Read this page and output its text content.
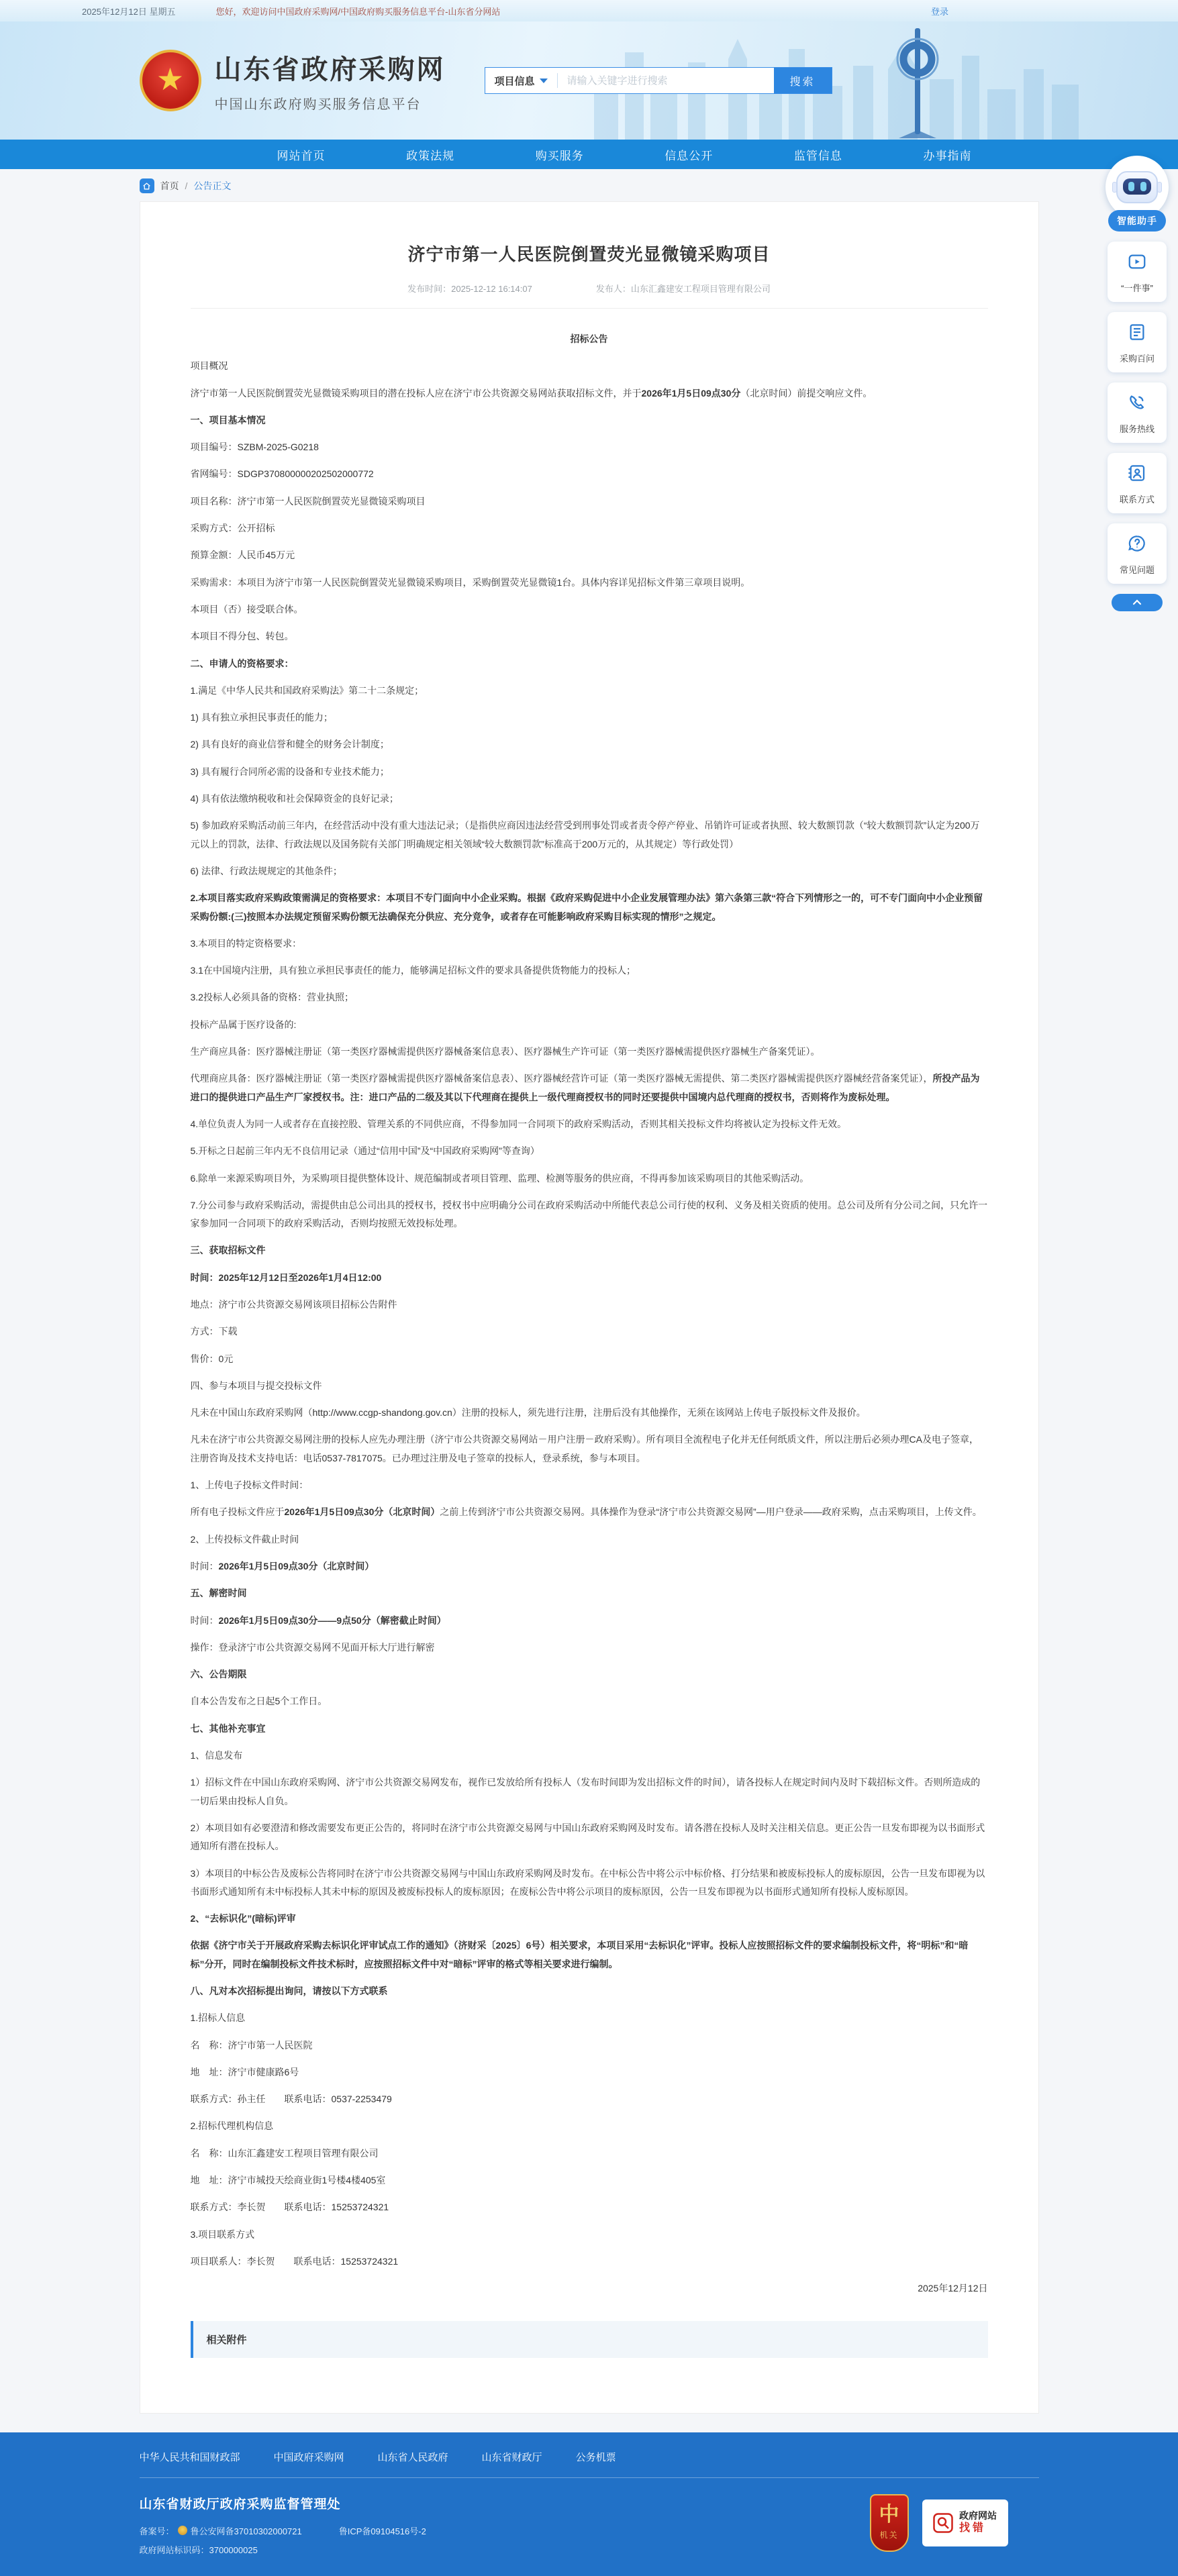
2025年12月12日 星期五	您好，欢迎访问中国政府采购网/中国政府购买服务信息平台-山东省分网站	登录
★ 山东省政府采购网
中国山东政府购买服务信息平台
项目信息
请输入关键字进行搜索	搜索
网站首页	政策法规	购买服务	信息公开	监管信息	办事指南
首页 / 公告正文
济宁市第一人民医院倒置荧光显微镜采购项目
发布时间：2025-12-12 16:14:07	发布人：山东汇鑫建安工程项目管理有限公司

招标公告

项目概况

济宁市第一人民医院倒置荧光显微镜采购项目的潜在投标人应在济宁市公共资源交易网站获取招标文件，并于2026年1月5日09点30分（北京时间）前提交响应文件。

一、项目基本情况

项目编号：SZBM-2025-G0218

省网编号：SDGP370800000202502000772

项目名称：济宁市第一人民医院倒置荧光显微镜采购项目

采购方式：公开招标

预算金额：人民币45万元

采购需求：本项目为济宁市第一人民医院倒置荧光显微镜采购项目，采购倒置荧光显微镜1台。具体内容详见招标文件第三章项目说明。

本项目（否）接受联合体。

本项目不得分包、转包。

二、申请人的资格要求：

1.满足《中华人民共和国政府采购法》第二十二条规定；

1) 具有独立承担民事责任的能力；

2) 具有良好的商业信誉和健全的财务会计制度；

3) 具有履行合同所必需的设备和专业技术能力；

4) 具有依法缴纳税收和社会保障资金的良好记录；

5) 参加政府采购活动前三年内，在经营活动中没有重大违法记录；（是指供应商因违法经营受到刑事处罚或者责令停产停业、吊销许可证或者执照、较大数额罚款（“较大数额罚款”认定为200万元以上的罚款，法律、行政法规以及国务院有关部门明确规定相关领域“较大数额罚款”标准高于200万元的，从其规定）等行政处罚）

6) 法律、行政法规规定的其他条件；

2.本项目落实政府采购政策需满足的资格要求：本项目不专门面向中小企业采购。根据《政府采购促进中小企业发展管理办法》第六条第三款“符合下列情形之一的，可不专门面向中小企业预留采购份额:(三)按照本办法规定预留采购份额无法确保充分供应、充分竞争，或者存在可能影响政府采购目标实现的情形”之规定。

3.本项目的特定资格要求：

3.1在中国境内注册，具有独立承担民事责任的能力，能够满足招标文件的要求具备提供货物能力的投标人；

3.2投标人必须具备的资格：营业执照；

投标产品属于医疗设备的:

生产商应具备：医疗器械注册证（第一类医疗器械需提供医疗器械备案信息表）、医疗器械生产许可证（第一类医疗器械需提供医疗器械生产备案凭证）。

代理商应具备：医疗器械注册证（第一类医疗器械需提供医疗器械备案信息表）、医疗器械经营许可证（第一类医疗器械无需提供、第二类医疗器械需提供医疗器械经营备案凭证），所投产品为进口的提供进口产品生产厂家授权书。注：进口产品的二级及其以下代理商在提供上一级代理商授权书的同时还要提供中国境内总代理商的授权书，否则将作为废标处理。

4.单位负责人为同一人或者存在直接控股、管理关系的不同供应商，不得参加同一合同项下的政府采购活动，否则其相关投标文件均将被认定为投标文件无效。

5.开标之日起前三年内无不良信用记录（通过“信用中国”及“中国政府采购网”等查询）

6.除单一来源采购项目外，为采购项目提供整体设计、规范编制或者项目管理、监理、检测等服务的供应商，不得再参加该采购项目的其他采购活动。

7.分公司参与政府采购活动，需提供由总公司出具的授权书，授权书中应明确分公司在政府采购活动中所能代表总公司行使的权利、义务及相关资质的使用。总公司及所有分公司之间，只允许一家参加同一合同项下的政府采购活动，否则均按照无效投标处理。

三、获取招标文件

时间：2025年12月12日至2026年1月4日12:00

地点：济宁市公共资源交易网该项目招标公告附件

方式：下载

售价：0元

四、参与本项目与提交投标文件

凡未在中国山东政府采购网（http://www.ccgp-shandong.gov.cn）注册的投标人，须先进行注册，注册后没有其他操作，无须在该网站上传电子版投标文件及报价。

凡未在济宁市公共资源交易网注册的投标人应先办理注册（济宁市公共资源交易网站－用户注册－政府采购）。所有项目全流程电子化并无任何纸质文件，所以注册后必须办理CA及电子签章，注册咨询及技术支持电话：电话0537-7817075。已办理过注册及电子签章的投标人，登录系统，参与本项目。

1、上传电子投标文件时间：

所有电子投标文件应于2026年1月5日09点30分（北京时间）之前上传到济宁市公共资源交易网。具体操作为登录“济宁市公共资源交易网”—用户登录——政府采购，点击采购项目，上传文件。

2、上传投标文件截止时间

时间：2026年1月5日09点30分（北京时间）

五、解密时间

时间：2026年1月5日09点30分——9点50分（解密截止时间）

操作：登录济宁市公共资源交易网不见面开标大厅进行解密

六、公告期限

自本公告发布之日起5个工作日。

七、其他补充事宜

1、信息发布

1）招标文件在中国山东政府采购网、济宁市公共资源交易网发布，视作已发放给所有投标人（发布时间即为发出招标文件的时间），请各投标人在规定时间内及时下载招标文件。否则所造成的一切后果由投标人自负。

2）本项目如有必要澄清和修改需要发布更正公告的，将同时在济宁市公共资源交易网与中国山东政府采购网及时发布。请各潜在投标人及时关注相关信息。更正公告一旦发布即视为以书面形式通知所有潜在投标人。

3）本项目的中标公告及废标公告将同时在济宁市公共资源交易网与中国山东政府采购网及时发布。在中标公告中将公示中标价格、打分结果和被废标投标人的废标原因，公告一旦发布即视为以书面形式通知所有未中标投标人其未中标的原因及被废标投标人的废标原因；在废标公告中将公示项目的废标原因，公告一旦发布即视为以书面形式通知所有投标人废标原因。

2、“去标识化”(暗标)评审

依据《济宁市关于开展政府采购去标识化评审试点工作的通知》（济财采〔2025〕6号）相关要求，本项目采用“去标识化”评审。投标人应按照招标文件的要求编制投标文件，将“明标”和“暗标”分开，同时在编制投标文件技术标时，应按照招标文件中对“暗标”评审的格式等相关要求进行编制。

八、凡对本次招标提出询问，请按以下方式联系

1.招标人信息

名　称：济宁市第一人民医院

地　址：济宁市健康路6号

联系方式：孙主任　　联系电话：0537-2253479

2.招标代理机构信息

名　称：山东汇鑫建安工程项目管理有限公司

地　址：济宁市城投天绘商业街1号楼4楼405室

联系方式：李长贺　　联系电话：15253724321

3.项目联系方式

项目联系人：李长贺　　联系电话：15253724321

2025年12月12日

相关附件
中华人民共和国财政部	中国政府采购网	山东省人民政府	山东省财政厅	公务机票
山东省财政厅政府采购监督管理处
备案号： 鲁公安网备37010302000721	鲁ICP备09104516号-2
政府网站标识码：3700000025
中
机关
政府网站
找错
智能助手
“一件事”
采购百问
服务热线
联系方式
常见问题
